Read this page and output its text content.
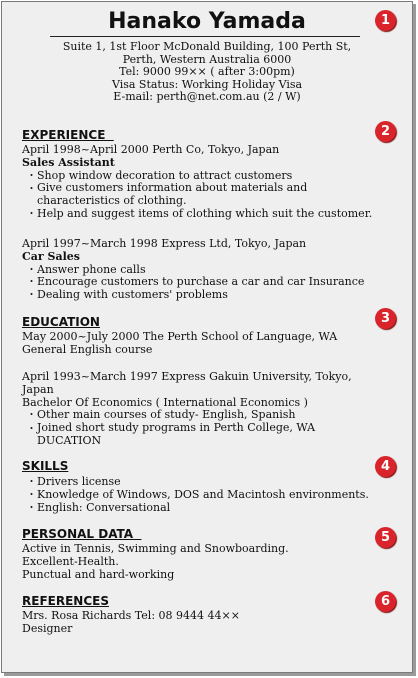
Hanako Yamada
Suite 1, 1st Floor McDonald Building, 100 Perth St,
Perth, Western Australia 6000
Tel: 9000 99×× ( after 3:00pm)
Visa Status: Working Holiday Visa
E-mail: perth@net.com.au (2 / W)
1
2
3
4
5
6
EXPERIENCE
April 1998~April 2000 Perth Co, Tokyo, Japan
Sales Assistant
・ Shop window decoration to attract customers
・ Give customers information about materials and characteristics of clothing.
・ Help and suggest items of clothing which suit the customer.
April 1997~March 1998 Express Ltd, Tokyo, Japan
Car Sales
・ Answer phone calls
・ Encourage customers to purchase a car and car Insurance
・ Dealing with customers' problems
EDUCATION
May 2000~July 2000 The Perth School of Language, WA
General English course
April 1993~March 1997 Express Gakuin University, Tokyo,
Japan
Bachelor Of Economics ( International Economics )
・ Other main courses of study- English, Spanish
・ Joined short study programs in Perth College, WA DUCATION
SKILLS
・ Drivers license
・ Knowledge of Windows, DOS and Macintosh environments.
・ English: Conversational
PERSONAL DATA
Active in Tennis, Swimming and Snowboarding.
Excellent-Health.
Punctual and hard-working
REFERENCES
Mrs. Rosa Richards Tel: 08 9444 44××
Designer
